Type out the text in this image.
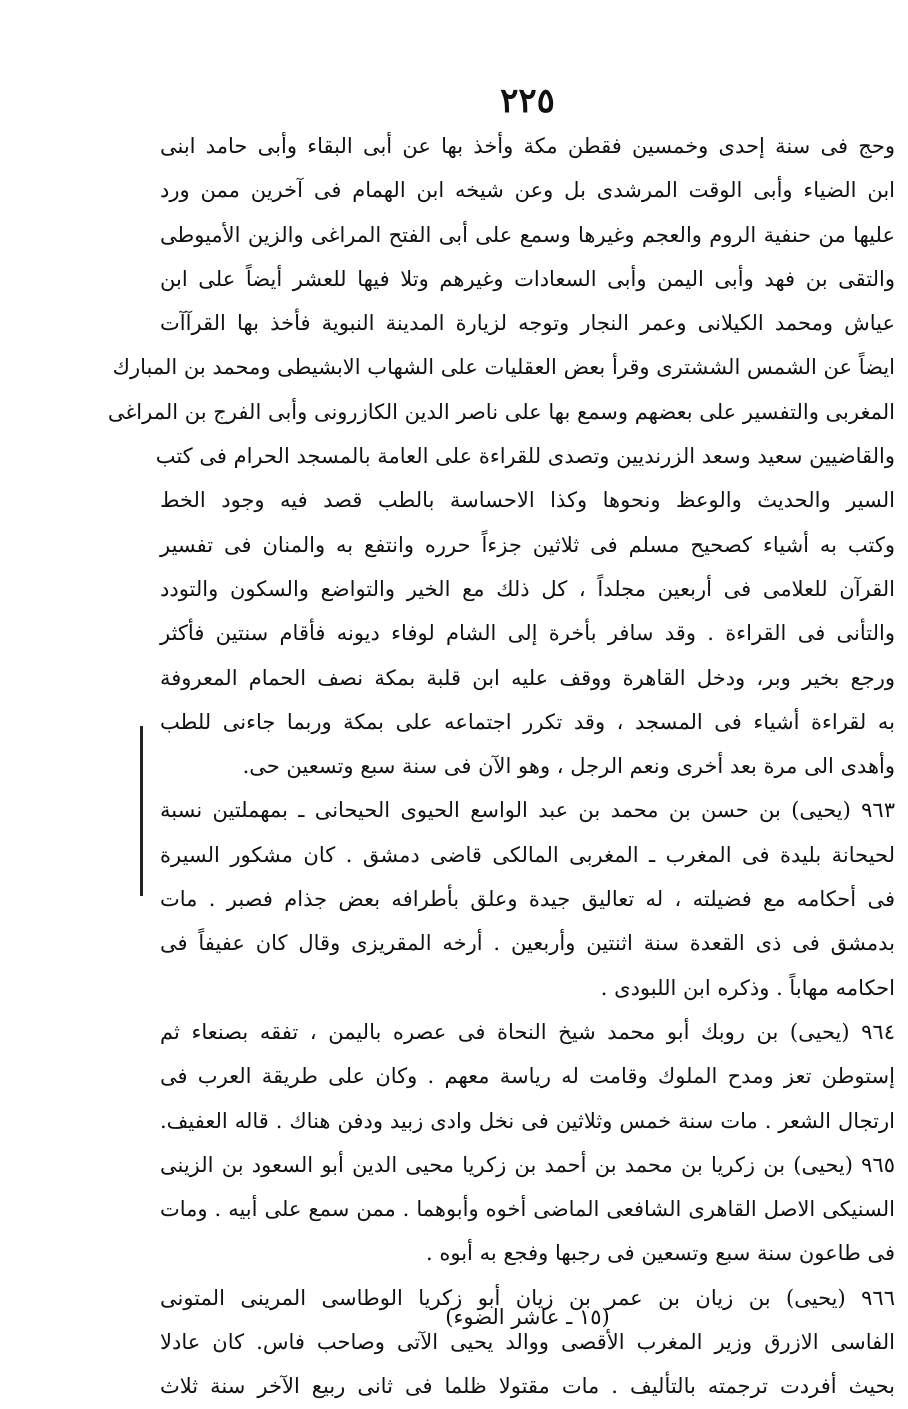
٢٢٥
وحج فى سنة إحدى وخمسين فقطن مكة وأخذ بها عن أبى البقاء وأبى حامد ابنى
ابن الضياء وأبى الوقت المرشدى بل وعن شيخه ابن الهمام فى آخرين ممن ورد
عليها من حنفية الروم والعجم وغيرها وسمع على أبى الفتح المراغى والزين الأميوطى
والتقى بن فهد وأبى اليمن وأبى السعادات وغيرهم وتلا فيها للعشر أيضاً على ابن
عياش ومحمد الكيلانى وعمر النجار وتوجه لزيارة المدينة النبوية فأخذ بها القرآآت
ايضاً عن الشمس الششترى وقرأ بعض العقليات على الشهاب الابشيطى ومحمد بن المبارك
المغربى والتفسير على بعضهم وسمع بها على ناصر الدين الكازرونى وأبى الفرج بن المراغى
والقاضيين سعيد وسعد الزرنديين وتصدى للقراءة على العامة بالمسجد الحرام فى كتب
السير والحديث والوعظ ونحوها وكذا الاحساسة بالطب قصد فيه وجود الخط
وكتب به أشياء كصحيح مسلم فى ثلاثين جزءاً حرره وانتفع به والمنان فى تفسير
القرآن للعلامى فى أربعين مجلداً ، كل ذلك مع الخير والتواضع والسكون والتودد
والتأنى فى القراءة . وقد سافر بأخرة إلى الشام لوفاء ديونه فأقام سنتين فأكثر
ورجع بخير وبر، ودخل القاهرة ووقف عليه ابن قلبة بمكة نصف الحمام المعروفة
به لقراءة أشياء فى المسجد ، وقد تكرر اجتماعه على بمكة وربما جاءنى للطب
وأهدى الى مرة بعد أخرى ونعم الرجل ، وهو الآن فى سنة سبع وتسعين حى.
٩٦٣ (يحيى) بن حسن بن محمد بن عبد الواسع الحيوى الحيحانى ـ بمهملتين نسبة
لحيحانة بليدة فى المغرب ـ المغربى المالكى قاضى دمشق . كان مشكور السيرة
فى أحكامه مع فضيلته ، له تعاليق جيدة وعلق بأطرافه بعض جذام فصبر . مات
بدمشق فى ذى القعدة سنة اثنتين وأربعين . أرخه المقريزى وقال كان عفيفاً فى
احكامه مهاباً . وذكره ابن اللبودى .
٩٦٤ (يحيى) بن روبك أبو محمد شيخ النحاة فى عصره باليمن ، تفقه بصنعاء ثم
إستوطن تعز ومدح الملوك وقامت له رياسة معهم . وكان على طريقة العرب فى
ارتجال الشعر . مات سنة خمس وثلاثين فى نخل وادى زبيد ودفن هناك . قاله العفيف.
٩٦٥ (يحيى) بن زكريا بن محمد بن أحمد بن زكريا محيى الدين أبو السعود بن الزينى
السنيكى الاصل القاهرى الشافعى الماضى أخوه وأبوهما . ممن سمع على أبيه . ومات
فى طاعون سنة سبع وتسعين فى رجبها وفجع به أبوه .
٩٦٦ (يحيى) بن زيان بن عمر بن زيان أبو زكريا الوطاسى المرينى المتونى
الفاسى الازرق وزير المغرب الأقصى ووالد يحيى الآتى وصاحب فاس. كان عادلا
بحيث أفردت ترجمته بالتأليف . مات مقتولا ظلما فى ثانى ربيع الآخر سنة ثلاث
(١٥ ـ عاشر الضوء)
